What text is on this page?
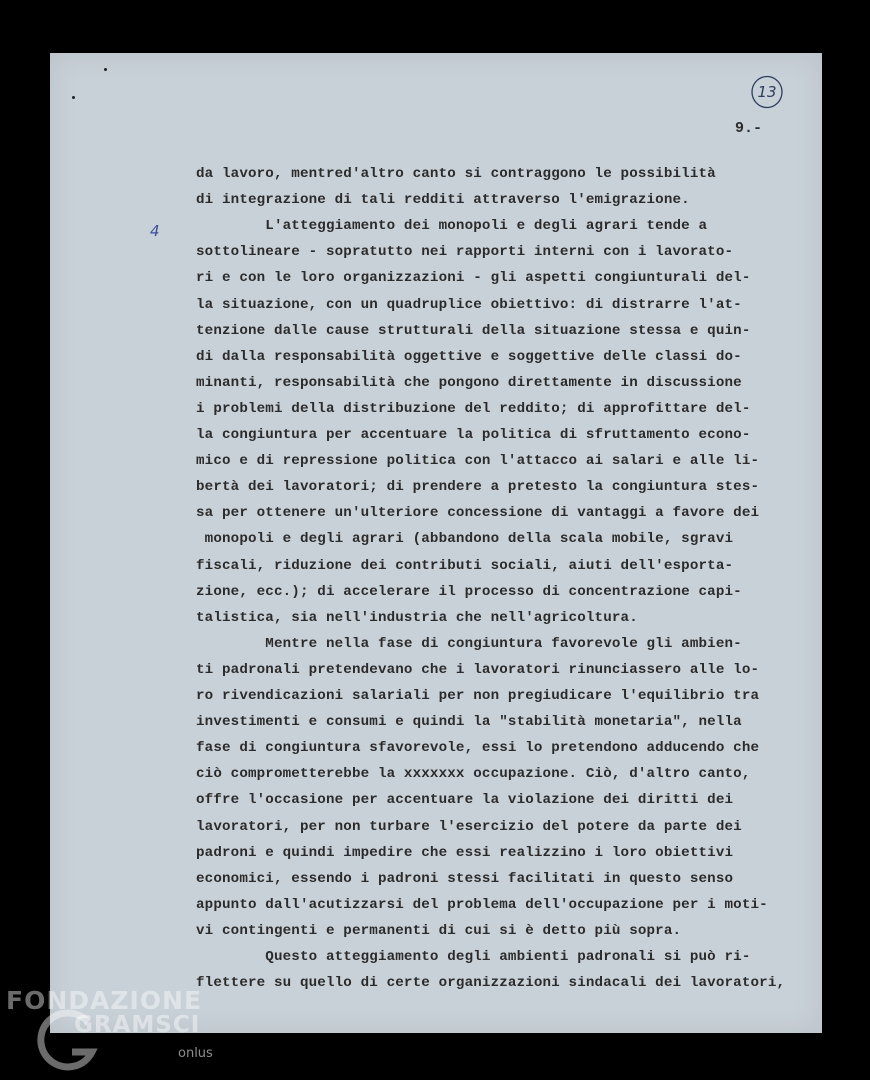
13
9.-
4
da lavoro, mentred'altro canto si contraggono le possibilità
di integrazione di tali redditi attraverso l'emigrazione.
L'atteggiamento dei monopoli e degli agrari tende a
sottolineare - sopratutto nei rapporti interni con i lavorato-
ri e con le loro organizzazioni - gli aspetti congiunturali del-
la situazione, con un quadruplice obiettivo: di distrarre l'at-
tenzione dalle cause strutturali della situazione stessa e quin-
di dalla responsabilità oggettive e soggettive delle classi do-
minanti, responsabilità che pongono direttamente in discussione
i problemi della distribuzione del reddito; di approfittare del-
la congiuntura per accentuare la politica di sfruttamento econo-
mico e di repressione politica con l'attacco ai salari e alle li-
bertà dei lavoratori; di prendere a pretesto la congiuntura stes-
sa per ottenere un'ulteriore concessione di vantaggi a favore dei
monopoli e degli agrari (abbandono della scala mobile, sgravi
fiscali, riduzione dei contributi sociali, aiuti dell'esporta-
zione, ecc.); di accelerare il processo di concentrazione capi-
talistica, sia nell'industria che nell'agricoltura.
Mentre nella fase di congiuntura favorevole gli ambien-
ti padronali pretendevano che i lavoratori rinunciassero alle lo-
ro rivendicazioni salariali per non pregiudicare l'equilibrio tra
investimenti e consumi e quindi la "stabilità monetaria", nella
fase di congiuntura sfavorevole, essi lo pretendono adducendo che
ciò comprometterebbe la xxxxxxx occupazione. Ciò, d'altro canto,
offre l'occasione per accentuare la violazione dei diritti dei
lavoratori, per non turbare l'esercizio del potere da parte dei
padroni e quindi impedire che essi realizzino i loro obiettivi
economici, essendo i padroni stessi facilitati in questo senso
appunto dall'acutizzarsi del problema dell'occupazione per i moti-
vi contingenti e permanenti di cui si è detto più sopra.
Questo atteggiamento degli ambienti padronali si può ri-
flettere su quello di certe organizzazioni sindacali dei lavoratori,
FONDAZIONE
GRAMSCI
onlus
